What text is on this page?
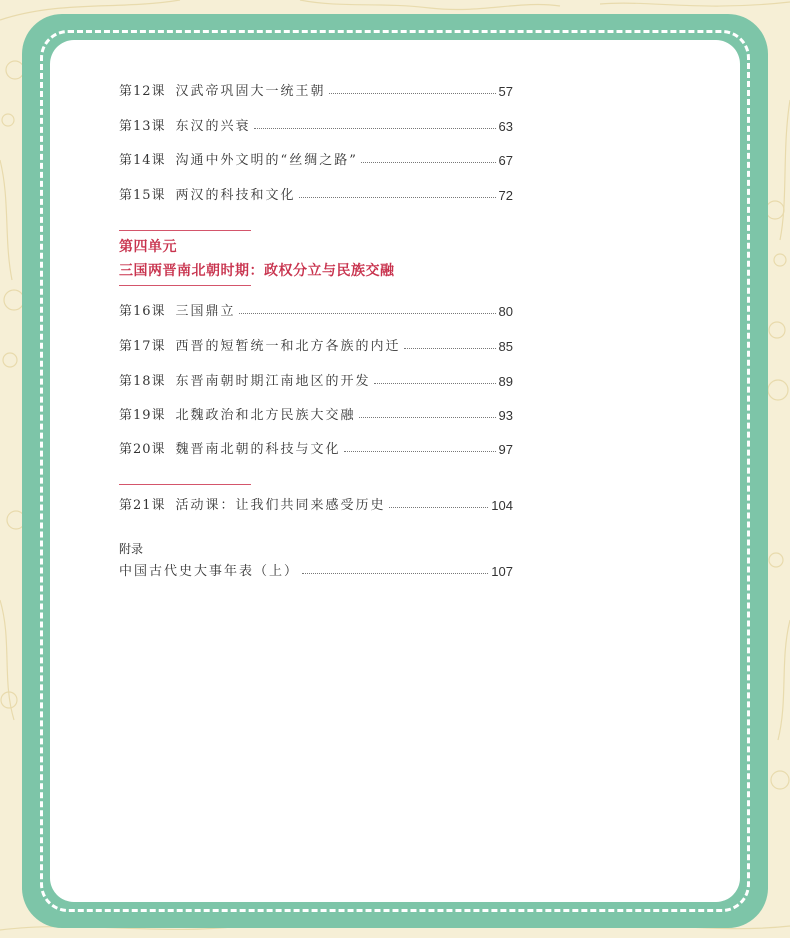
第12课 汉武帝巩固大一统王朝	57
第13课 东汉的兴衰	63
第14课 沟通中外文明的“丝绸之路”	67
第15课 两汉的科技和文化	72
第四单元
三国两晋南北朝时期：政权分立与民族交融
第16课 三国鼎立	80
第17课 西晋的短暂统一和北方各族的内迁	85
第18课 东晋南朝时期江南地区的开发	89
第19课 北魏政治和北方民族大交融	93
第20课 魏晋南北朝的科技与文化	97
第21课 活动课：让我们共同来感受历史	104
附录
中国古代史大事年表（上）	107
